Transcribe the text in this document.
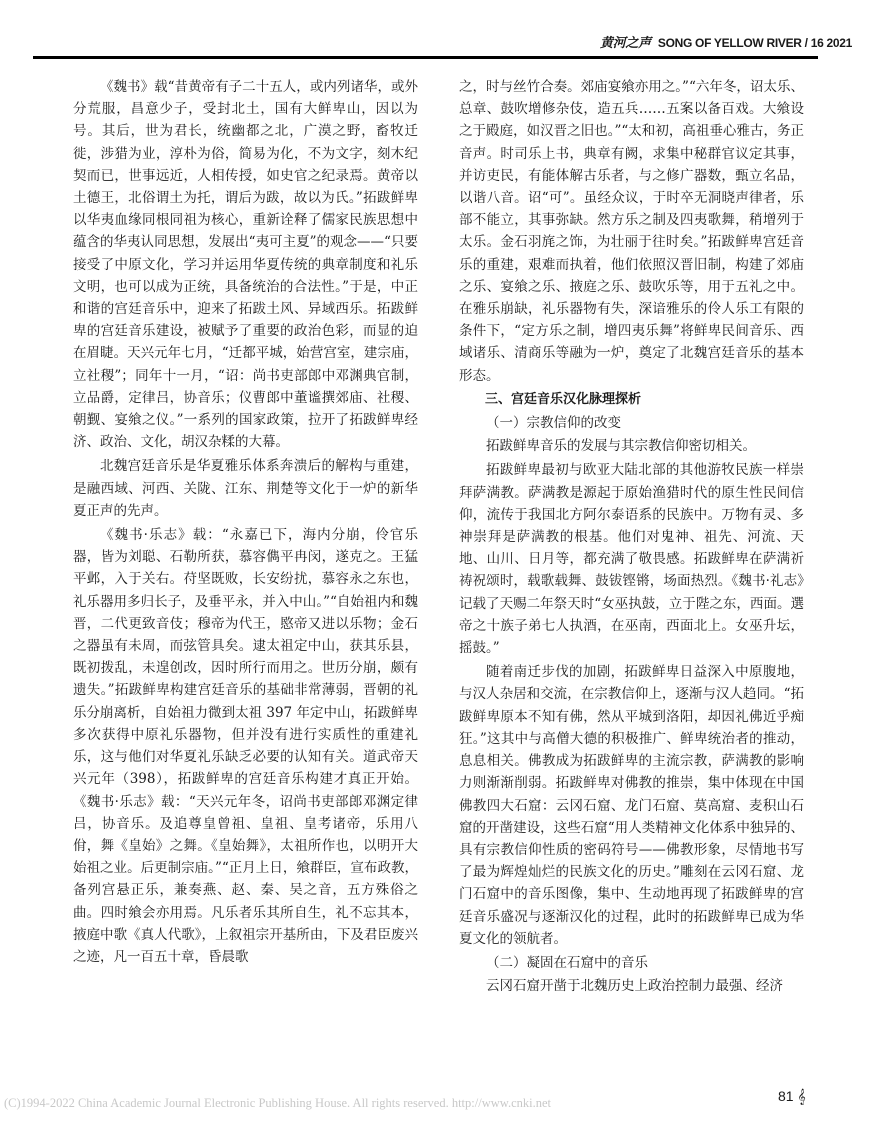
黄河之声 SONG OF YELLOW RIVER / 16 2021

《魏书》载“昔黄帝有子二十五人，或内列诸华，或外分荒服，昌意少子，受封北土，国有大鲜卑山，因以为号。其后，世为君长，统幽都之北，广漠之野，畜牧迁徙，涉猎为业，淳朴为俗，简易为化，不为文字，刻木纪契而已，世事远近，人相传授，如史官之纪录焉。黄帝以土德王，北俗谓土为托，谓后为跋，故以为氏。”拓跋鲜卑以华夷血缘同根同祖为核心，重新诠释了儒家民族思想中蕴含的华夷认同思想，发展出“夷可主夏”的观念——“只要接受了中原文化，学习并运用华夏传统的典章制度和礼乐文明，也可以成为正统，具备统治的合法性。”于是，中正和谐的宫廷音乐中，迎来了拓跋土风、异域西乐。拓跋鲜卑的宫廷音乐建设，被赋予了重要的政治色彩，而显的迫在眉睫。天兴元年七月，“迁都平城，始营宫室，建宗庙，立社稷”；同年十一月，“诏：尚书吏部郎中邓渊典官制，立品爵，定律吕，协音乐；仪曹郎中董谧撰郊庙、社稷、朝觐、宴飨之仪。”一系列的国家政策，拉开了拓跋鲜卑经济、政治、文化，胡汉杂糅的大幕。

北魏宫廷音乐是华夏雅乐体系奔溃后的解构与重建，是融西域、河西、关陇、江东、荆楚等文化于一炉的新华夏正声的先声。

《魏书·乐志》载：“永嘉已下，海内分崩，伶官乐器，皆为刘聪、石勒所获，慕容儁平冉闵，遂克之。王猛平邺，入于关右。苻坚既败，长安纷扰，慕容永之东也，礼乐器用多归长子，及垂平永，并入中山。”“自始祖内和魏晋，二代更致音伎；穆帝为代王，愍帝又进以乐物；金石之器虽有未周，而弦管具矣。逮太祖定中山，获其乐县，既初拨乱，未遑创改，因时所行而用之。世历分崩，颇有遗失。”拓跋鲜卑构建宫廷音乐的基础非常薄弱，晋朝的礼乐分崩离析，自始祖力微到太祖 397 年定中山，拓跋鲜卑多次获得中原礼乐器物，但并没有进行实质性的重建礼乐，这与他们对华夏礼乐缺乏必要的认知有关。道武帝天兴元年（398），拓跋鲜卑的宫廷音乐构建才真正开始。《魏书·乐志》载：“天兴元年冬，诏尚书吏部郎邓渊定律吕，协音乐。及追尊皇曾祖、皇祖、皇考诸帝，乐用八佾，舞《皇始》之舞。《皇始舞》，太祖所作也，以明开大始祖之业。后更制宗庙。”“正月上日，飨群臣，宣布政教，备列宫悬正乐，兼奏燕、赵、秦、吴之音，五方殊俗之曲。四时飨会亦用焉。凡乐者乐其所自生，礼不忘其本，掖庭中歌《真人代歌》，上叙祖宗开基所由，下及君臣废兴之迹，凡一百五十章，昏晨歌

之，时与丝竹合奏。郊庙宴飨亦用之。”“六年冬，诏太乐、总章、鼓吹增修杂伎，造五兵……五案以备百戏。大飨设之于殿庭，如汉晋之旧也。”“太和初，高祖垂心雅古，务正音声。时司乐上书，典章有阙，求集中秘群官议定其事，并访吏民，有能体解古乐者，与之修广器数，甄立名品，以谐八音。诏“可”。虽经众议，于时卒无洞晓声律者，乐部不能立，其事弥缺。然方乐之制及四夷歌舞，稍增列于太乐。金石羽旄之饰，为壮丽于往时矣。”拓跋鲜卑宫廷音乐的重建，艰难而执着，他们依照汉晋旧制，构建了郊庙之乐、宴飨之乐、掖庭之乐、鼓吹乐等，用于五礼之中。在雅乐崩缺，礼乐器物有失，深谙雅乐的伶人乐工有限的条件下，“定方乐之制，增四夷乐舞”将鲜卑民间音乐、西域诸乐、清商乐等融为一炉，奠定了北魏宫廷音乐的基本形态。

三、宫廷音乐汉化脉理探析
（一）宗教信仰的改变

拓跋鲜卑音乐的发展与其宗教信仰密切相关。

拓跋鲜卑最初与欧亚大陆北部的其他游牧民族一样崇拜萨满教。萨满教是源起于原始渔猎时代的原生性民间信仰，流传于我国北方阿尔泰语系的民族中。万物有灵、多神崇拜是萨满教的根基。他们对鬼神、祖先、河流、天地、山川、日月等，都充满了敬畏感。拓跋鲜卑在萨满祈祷祝颂时，载歌载舞、鼓钹铿锵，场面热烈。《魏书·礼志》记载了天赐二年祭天时“女巫执鼓，立于陛之东，西面。選帝之十族子弟七人执酒，在巫南，西面北上。女巫升坛，摇鼓。”

随着南迁步伐的加剧，拓跋鲜卑日益深入中原腹地，与汉人杂居和交流，在宗教信仰上，逐渐与汉人趋同。“拓跋鲜卑原本不知有佛，然从平城到洛阳，却因礼佛近乎痴狂。”这其中与高僧大德的积极推广、鲜卑统治者的推动，息息相关。佛教成为拓跋鲜卑的主流宗教，萨满教的影响力则渐渐削弱。拓跋鲜卑对佛教的推崇，集中体现在中国佛教四大石窟：云冈石窟、龙门石窟、莫高窟、麦积山石窟的开凿建设，这些石窟“用人类精神文化体系中独异的、具有宗教信仰性质的密码符号——佛教形象，尽情地书写了最为辉煌灿烂的民族文化的历史。”雕刻在云冈石窟、龙门石窟中的音乐图像，集中、生动地再现了拓跋鲜卑的宫廷音乐盛况与逐渐汉化的过程，此时的拓跋鲜卑已成为华夏文化的领航者。

（二）凝固在石窟中的音乐

云冈石窟开凿于北魏历史上政治控制力最强、经济

(C)1994-2022 China Academic Journal Electronic Publishing House. All rights reserved. http://www.cnki.net	81 𝄞
